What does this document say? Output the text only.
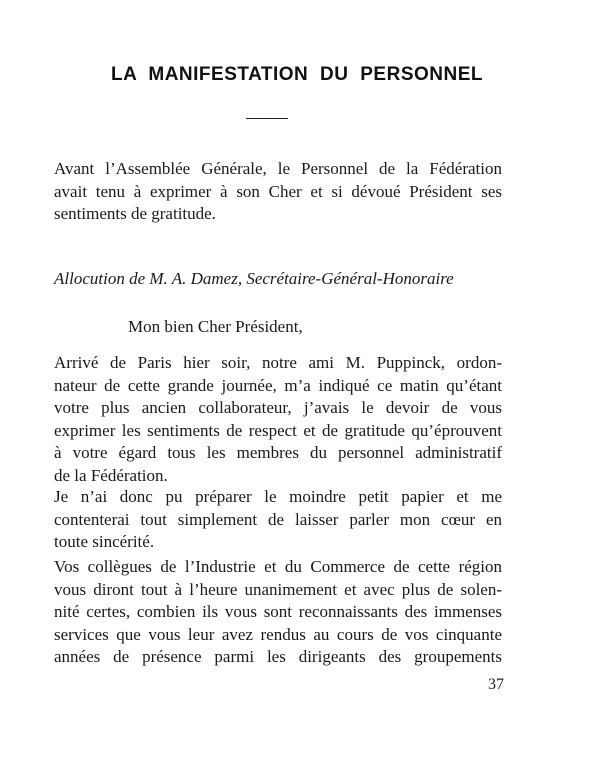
LA MANIFESTATION DU PERSONNEL

Avant l’Assemblée Générale, le Personnel de la Fédération
avait tenu à exprimer à son Cher et si dévoué Président ses
sentiments de gratitude.

Allocution de M. A. Damez, Secrétaire-Général-Honoraire

Mon bien Cher Président,

Arrivé de Paris hier soir, notre ami M. Puppinck, ordon-
nateur de cette grande journée, m’a indiqué ce matin qu’étant
votre plus ancien collaborateur, j’avais le devoir de vous
exprimer les sentiments de respect et de gratitude qu’éprouvent
à votre égard tous les membres du personnel administratif
de la Fédération.

Je n’ai donc pu préparer le moindre petit papier et me
contenterai tout simplement de laisser parler mon cœur en
toute sincérité.

Vos collègues de l’Industrie et du Commerce de cette région
vous diront tout à l’heure unanimement et avec plus de solen-
nité certes, combien ils vous sont reconnaissants des immenses
services que vous leur avez rendus au cours de vos cinquante
années de présence parmi les dirigeants des groupements

37
